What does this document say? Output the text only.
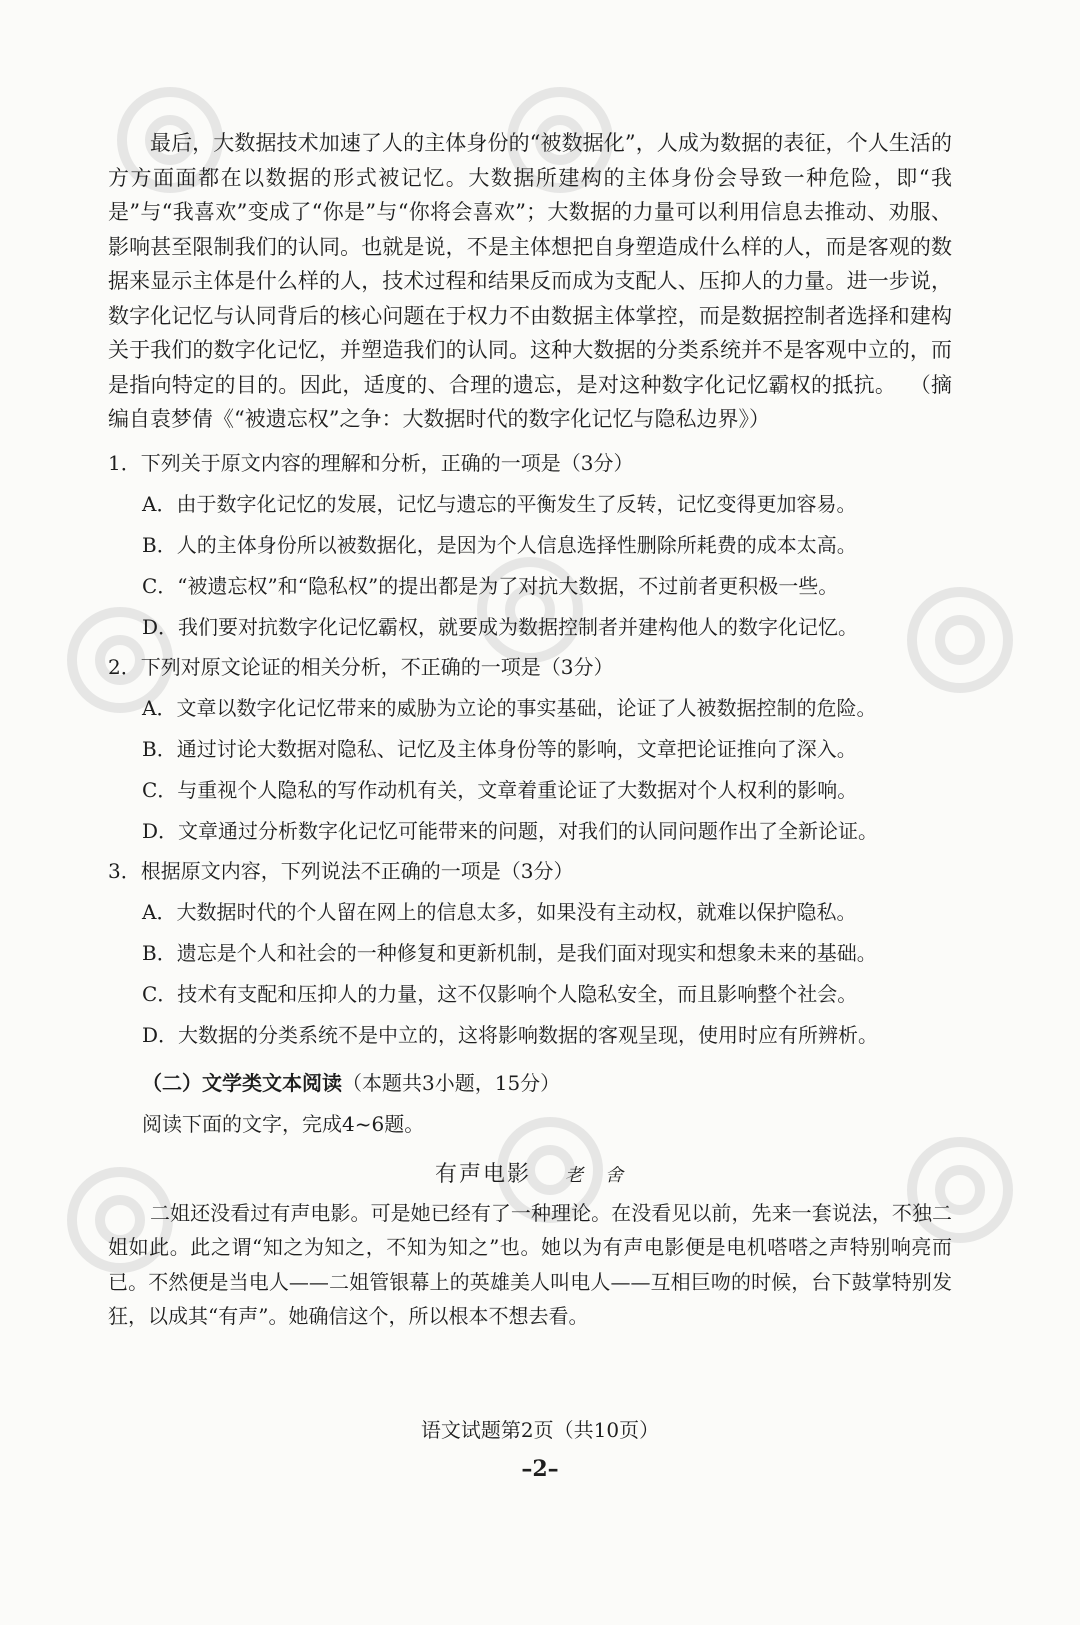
最后，大数据技术加速了人的主体身份的“被数据化”，人成为数据的表征，个人生活的方方面面都在以数据的形式被记忆。大数据所建构的主体身份会导致一种危险，即“我是”与“我喜欢”变成了“你是”与“你将会喜欢”；大数据的力量可以利用信息去推动、劝服、影响甚至限制我们的认同。也就是说，不是主体想把自身塑造成什么样的人，而是客观的数据来显示主体是什么样的人，技术过程和结果反而成为支配人、压抑人的力量。进一步说，数字化记忆与认同背后的核心问题在于权力不由数据主体掌控，而是数据控制者选择和建构关于我们的数字化记忆，并塑造我们的认同。这种大数据的分类系统并不是客观中立的，而是指向特定的目的。因此，适度的、合理的遗忘，是对这种数字化记忆霸权的抵抗。 （摘编自袁梦倩《“被遗忘权”之争：大数据时代的数字化记忆与隐私边界》）

1．下列关于原文内容的理解和分析，正确的一项是（3分）
A．由于数字化记忆的发展，记忆与遗忘的平衡发生了反转，记忆变得更加容易。
B．人的主体身份所以被数据化，是因为个人信息选择性删除所耗费的成本太高。
C．“被遗忘权”和“隐私权”的提出都是为了对抗大数据，不过前者更积极一些。
D．我们要对抗数字化记忆霸权，就要成为数据控制者并建构他人的数字化记忆。
2．下列对原文论证的相关分析，不正确的一项是（3分）
A．文章以数字化记忆带来的威胁为立论的事实基础，论证了人被数据控制的危险。
B．通过讨论大数据对隐私、记忆及主体身份等的影响，文章把论证推向了深入。
C．与重视个人隐私的写作动机有关，文章着重论证了大数据对个人权利的影响。
D．文章通过分析数字化记忆可能带来的问题，对我们的认同问题作出了全新论证。
3．根据原文内容，下列说法不正确的一项是（3分）
A．大数据时代的个人留在网上的信息太多，如果没有主动权，就难以保护隐私。
B．遗忘是个人和社会的一种修复和更新机制，是我们面对现实和想象未来的基础。
C．技术有支配和压抑人的力量，这不仅影响个人隐私安全，而且影响整个社会。
D．大数据的分类系统不是中立的，这将影响数据的客观呈现，使用时应有所辨析。
（二）文学类文本阅读（本题共3小题，15分）
阅读下面的文字，完成4~6题。
有声电影 老　舍

二姐还没看过有声电影。可是她已经有了一种理论。在没看见以前，先来一套说法，不独二姐如此。此之谓“知之为知之，不知为知之”也。她以为有声电影便是电机嗒嗒之声特别响亮而已。不然便是当电人——二姐管银幕上的英雄美人叫电人——互相巨吻的时候，台下鼓掌特别发狂，以成其“有声”。她确信这个，所以根本不想去看。

语文试题第2页（共10页）
–2–
